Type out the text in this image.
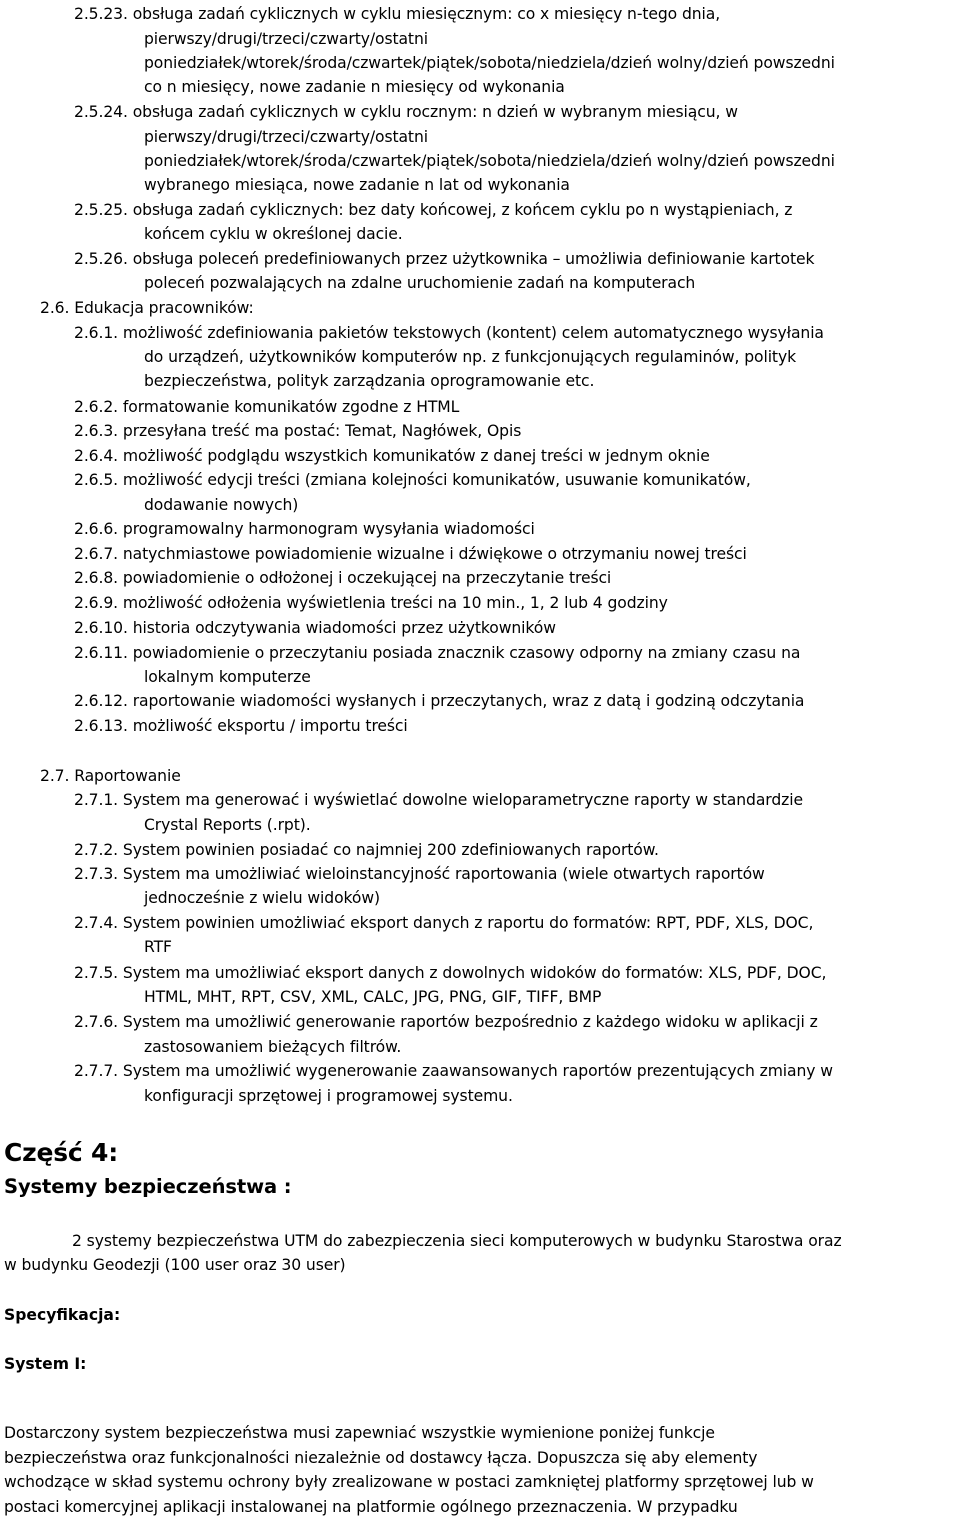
2.5.23. obsługa zadań cyklicznych w cyklu miesięcznym: co x miesięcy n-tego dnia,

pierwszy/drugi/trzeci/czwarty/ostatni

poniedziałek/wtorek/środa/czwartek/piątek/sobota/niedziela/dzień wolny/dzień powszedni

co n miesięcy, nowe zadanie n miesięcy od wykonania

2.5.24. obsługa zadań cyklicznych w cyklu rocznym: n dzień w wybranym miesiącu, w

pierwszy/drugi/trzeci/czwarty/ostatni

poniedziałek/wtorek/środa/czwartek/piątek/sobota/niedziela/dzień wolny/dzień powszedni

wybranego miesiąca, nowe zadanie n lat od wykonania

2.5.25. obsługa zadań cyklicznych: bez daty końcowej, z końcem cyklu po n wystąpieniach, z

końcem cyklu w określonej dacie.

2.5.26. obsługa poleceń predefiniowanych przez użytkownika – umożliwia definiowanie kartotek

poleceń pozwalających na zdalne uruchomienie zadań na komputerach

2.6. Edukacja pracowników:

2.6.1. możliwość zdefiniowania pakietów tekstowych (kontent) celem automatycznego wysyłania

do urządzeń, użytkowników komputerów np. z funkcjonujących regulaminów, polityk

bezpieczeństwa, polityk zarządzania oprogramowanie etc.

2.6.2. formatowanie komunikatów zgodne z HTML

2.6.3. przesyłana treść ma postać: Temat, Nagłówek, Opis

2.6.4. możliwość podglądu wszystkich komunikatów z danej treści w jednym oknie

2.6.5. możliwość edycji treści (zmiana kolejności komunikatów, usuwanie komunikatów,

dodawanie nowych)

2.6.6. programowalny harmonogram wysyłania wiadomości

2.6.7. natychmiastowe powiadomienie wizualne i dźwiękowe o otrzymaniu nowej treści

2.6.8. powiadomienie o odłożonej i oczekującej na przeczytanie treści

2.6.9. możliwość odłożenia wyświetlenia treści na 10 min., 1, 2 lub 4 godziny

2.6.10. historia odczytywania wiadomości przez użytkowników

2.6.11. powiadomienie o przeczytaniu posiada znacznik czasowy odporny na zmiany czasu na

lokalnym komputerze

2.6.12. raportowanie wiadomości wysłanych i przeczytanych, wraz z datą i godziną odczytania

2.6.13. możliwość eksportu / importu treści

2.7. Raportowanie

2.7.1. System ma generować i wyświetlać dowolne wieloparametryczne raporty w standardzie

Crystal Reports (.rpt).

2.7.2. System powinien posiadać co najmniej 200 zdefiniowanych raportów.

2.7.3. System ma umożliwiać wieloinstancyjność raportowania (wiele otwartych raportów

jednocześnie z wielu widoków)

2.7.4. System powinien umożliwiać eksport danych z raportu do formatów: RPT, PDF, XLS, DOC,

RTF

2.7.5. System ma umożliwiać eksport danych z dowolnych widoków do formatów: XLS, PDF, DOC,

HTML, MHT, RPT, CSV, XML, CALC, JPG, PNG, GIF, TIFF, BMP

2.7.6. System ma umożliwić generowanie raportów bezpośrednio z każdego widoku w aplikacji z

zastosowaniem bieżących filtrów.

2.7.7. System ma umożliwić wygenerowanie zaawansowanych raportów prezentujących zmiany w

konfiguracji sprzętowej i programowej systemu.

Część 4:
Systemy bezpieczeństwa :

2 systemy bezpieczeństwa UTM do zabezpieczenia sieci komputerowych w budynku Starostwa oraz

w budynku Geodezji (100 user oraz 30 user)

Specyfikacja:

System I:

Dostarczony system bezpieczeństwa musi zapewniać wszystkie wymienione poniżej funkcje

bezpieczeństwa oraz funkcjonalności niezależnie od dostawcy łącza. Dopuszcza się aby elementy

wchodzące w skład systemu ochrony były zrealizowane w postaci zamkniętej platformy sprzętowej lub w

postaci komercyjnej aplikacji instalowanej na platformie ogólnego przeznaczenia. W przypadku
